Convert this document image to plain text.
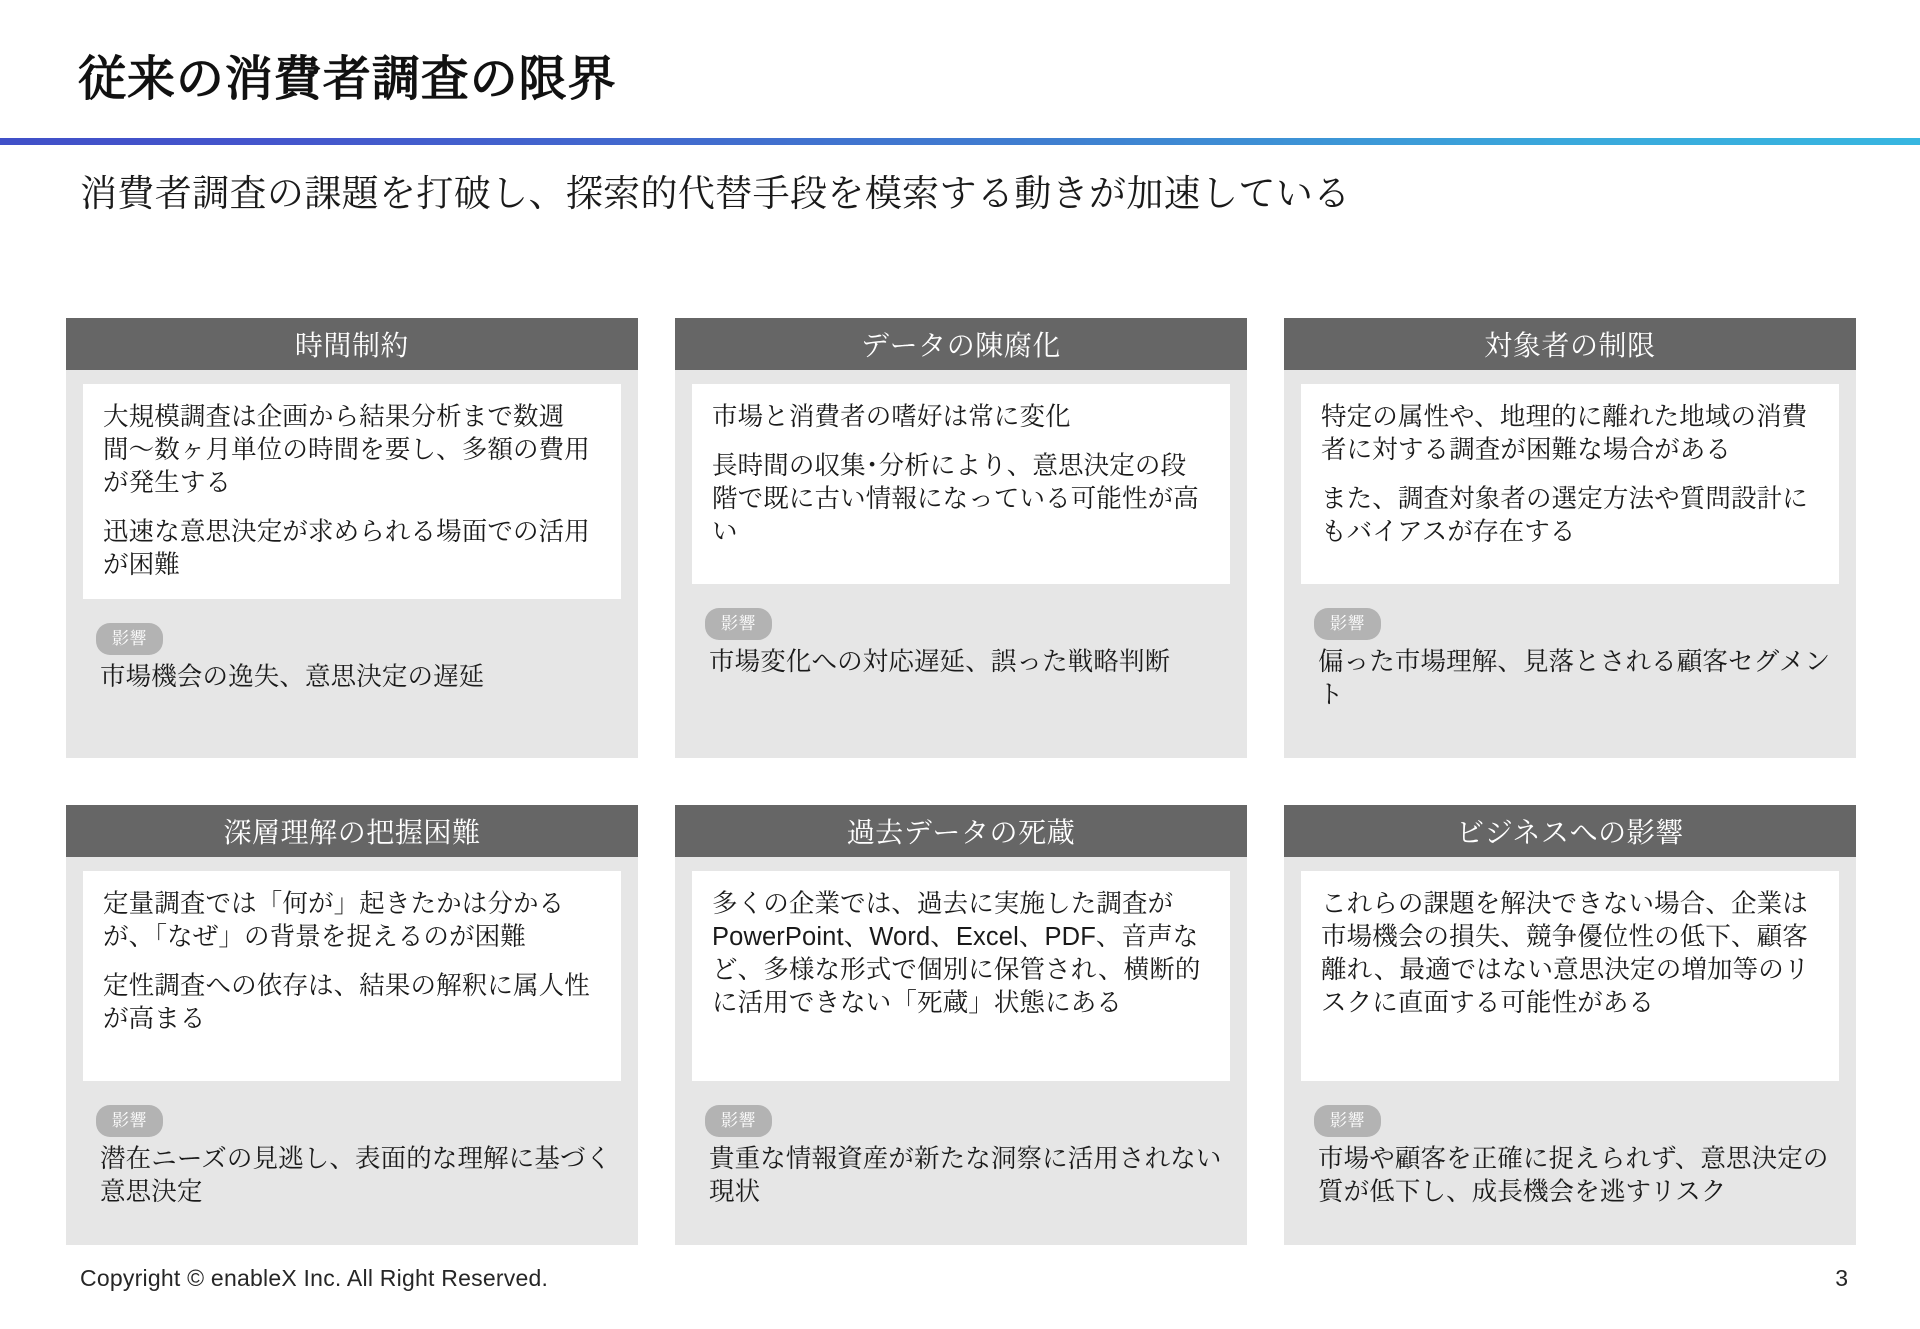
従来の消費者調査の限界
消費者調査の課題を打破し、探索的代替手段を模索する動きが加速している
時間制約

大規模調査は企画から結果分析まで数週間〜数ヶ月単位の時間を要し、多額の費用が発生する

迅速な意思決定が求められる場面での活用が困難

影響
市場機会の逸失、意思決定の遅延
データの陳腐化

市場と消費者の嗜好は常に変化

長時間の収集･分析により、意思決定の段階で既に古い情報になっている可能性が高い

影響
市場変化への対応遅延、誤った戦略判断
対象者の制限

特定の属性や、地理的に離れた地域の消費者に対する調査が困難な場合がある

また、調査対象者の選定方法や質問設計にもバイアスが存在する

影響
偏った市場理解、見落とされる顧客セグメント
深層理解の把握困難

定量調査では「何が」起きたかは分かるが、「なぜ」の背景を捉えるのが困難

定性調査への依存は、結果の解釈に属人性が高まる

影響
潜在ニーズの見逃し、表面的な理解に基づく意思決定
過去データの死蔵

多くの企業では、過去に実施した調査がPowerPoint、Word、Excel、PDF、音声など、多様な形式で個別に保管され、横断的に活用できない「死蔵」状態にある

影響
貴重な情報資産が新たな洞察に活用されない現状
ビジネスへの影響

これらの課題を解決できない場合、企業は市場機会の損失、競争優位性の低下、顧客離れ、最適ではない意思決定の増加等のリスクに直面する可能性がある

影響
市場や顧客を正確に捉えられず、意思決定の質が低下し、成長機会を逃すリスク
Copyright © enableX Inc. All Right Reserved.	3
